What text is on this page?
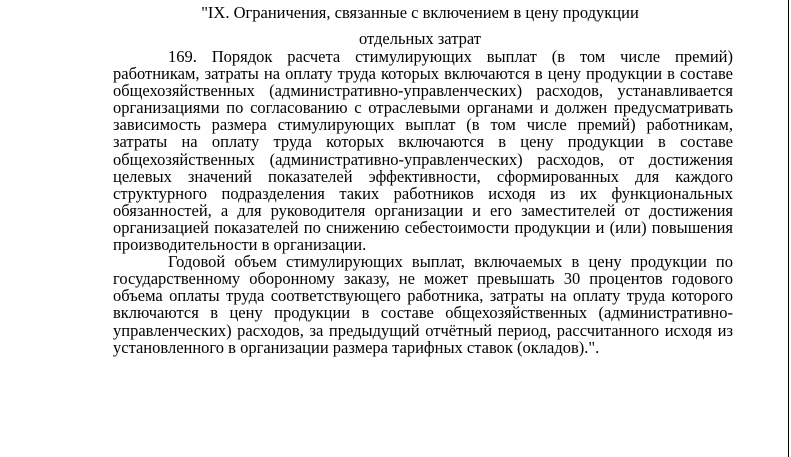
"IX. Ограничения, связанные с включением в цену продукции
отдельных затрат

169. Порядок расчета стимулирующих выплат (в том числе премий) работникам, затраты на оплату труда которых включаются в цену продукции в составе общехозяйственных (административно-управленческих) расходов, устанавливается организациями по согласованию с отраслевыми органами и должен предусматривать зависимость размера стимулирующих выплат (в том числе премий) работникам, затраты на оплату труда которых включаются в цену продукции в составе общехозяйственных (административно-управленческих) расходов, от достижения целевых значений показателей эффективности, сформированных для каждого структурного подразделения таких работников исходя из их функциональных обязанностей, а для руководителя организации и его заместителей от достижения организацией показателей по снижению себестоимости продукции и (или) повышения производительности в организации.

Годовой объем стимулирующих выплат, включаемых в цену продукции по государственному оборонному заказу, не может превышать 30 процентов годового объема оплаты труда соответствующего работника, затраты на оплату труда которого включаются в цену продукции в составе общехозяйственных (административно-управленческих) расходов, за предыдущий отчётный период, рассчитанного исходя из установленного в организации размера тарифных ставок (окладов).".
